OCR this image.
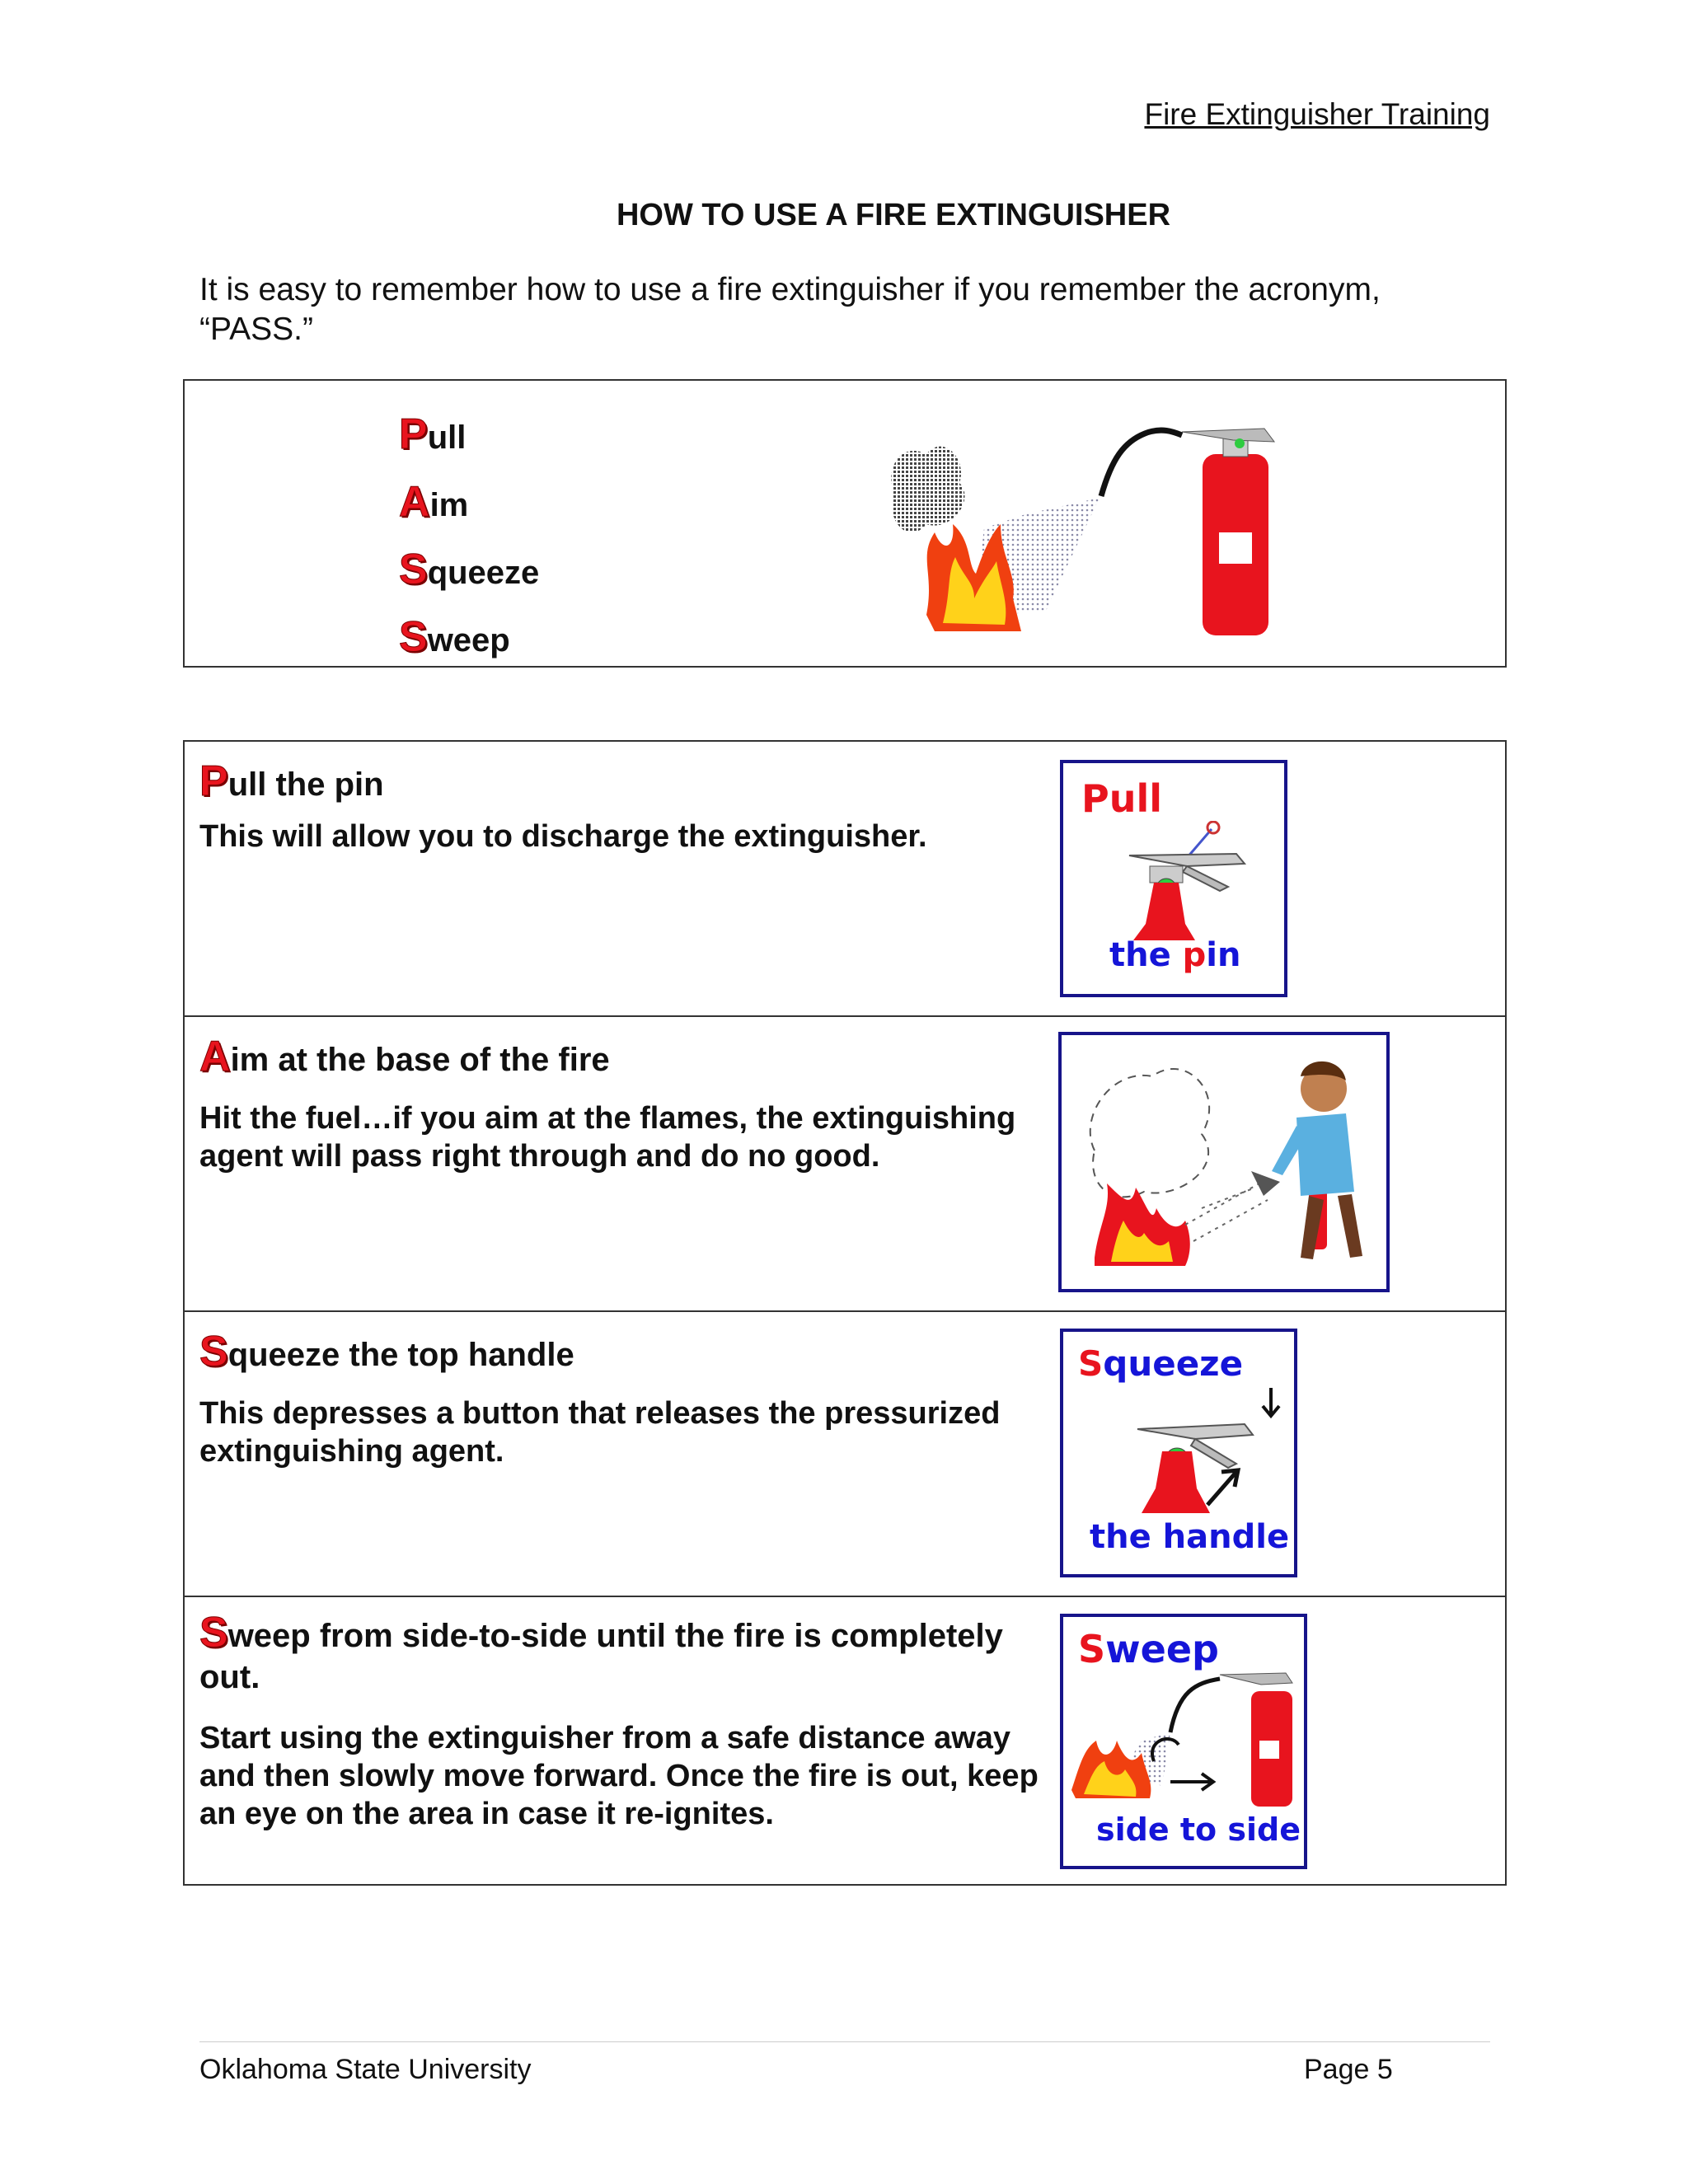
Fire Extinguisher Training
HOW TO USE A FIRE EXTINGUISHER
It is easy to remember how to use a fire extinguisher if you remember the acronym, “PASS.”
Pull
Aim
Squeeze
Sweep
Pull the pin
This will allow you to discharge the extinguisher.
Pull
the pin
Aim at the base of the fire
Hit the fuel…if you aim at the flames, the extinguishing agent will pass right through and do no good.
Squeeze the top handle
This depresses a button that releases the pressurized extinguishing agent.
Squeeze
the handle
Sweep from side-to-side until the fire is completely out.
Start using the extinguisher from a safe distance away and then slowly move forward. Once the fire is out, keep an eye on the area in case it re-ignites.
Sweep
side to side
Oklahoma State University	Page 5
